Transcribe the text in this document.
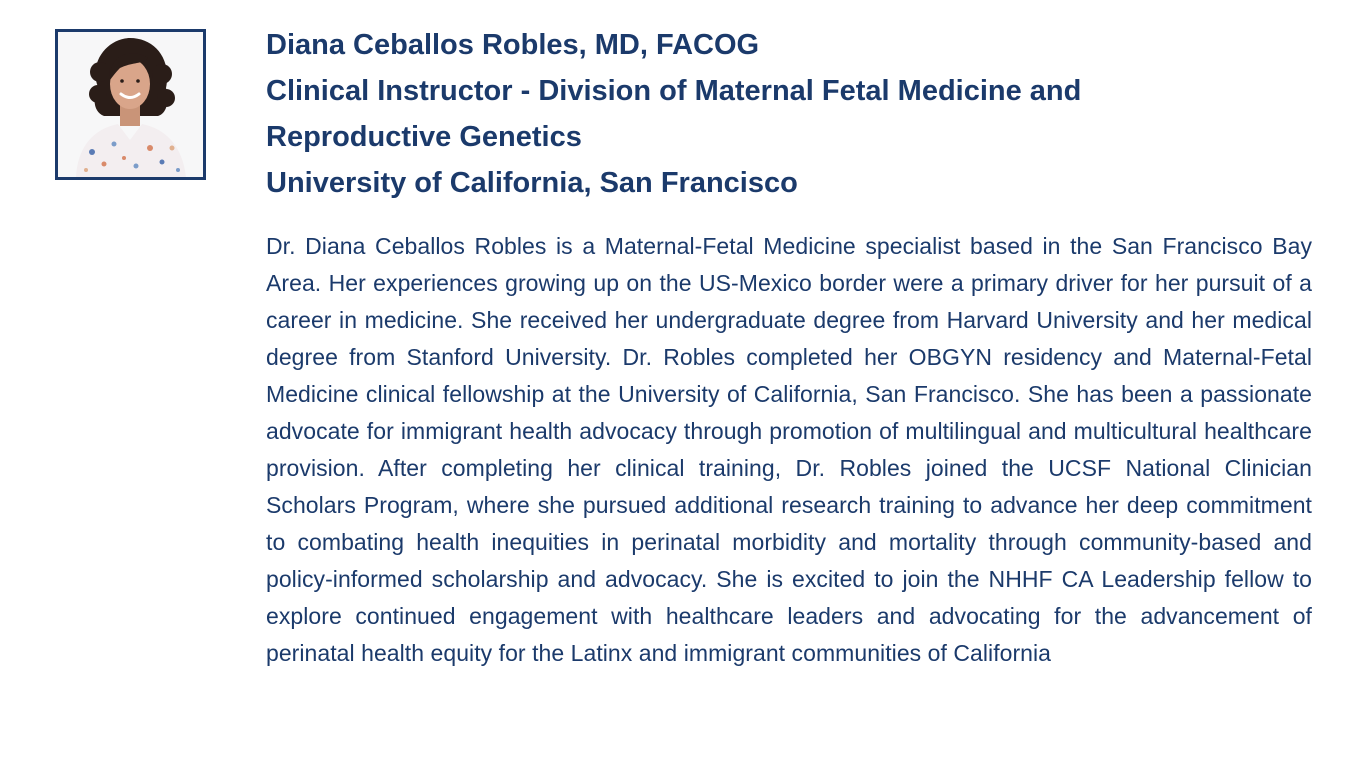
Diana Ceballos Robles, MD, FACOG
Clinical Instructor - Division of Maternal Fetal Medicine and
Reproductive Genetics
University of California, San Francisco

Dr. Diana Ceballos Robles is a Maternal-Fetal Medicine specialist based in the San Francisco Bay Area. Her experiences growing up on the US-Mexico border were a primary driver for her pursuit of a career in medicine. She received her undergraduate degree from Harvard University and her medical degree from Stanford University. Dr. Robles completed her OBGYN residency and Maternal-Fetal Medicine clinical fellowship at the University of California, San Francisco. She has been a passionate advocate for immigrant health advocacy through promotion of multilingual and multicultural healthcare provision. After completing her clinical training, Dr. Robles joined the UCSF National Clinician Scholars Program, where she pursued additional research training to advance her deep commitment to combating health inequities in perinatal morbidity and mortality through community-based and policy-informed scholarship and advocacy. She is excited to join the NHHF CA Leadership fellow to explore continued engagement with healthcare leaders and advocating for the advancement of perinatal health equity for the Latinx and immigrant communities of California
